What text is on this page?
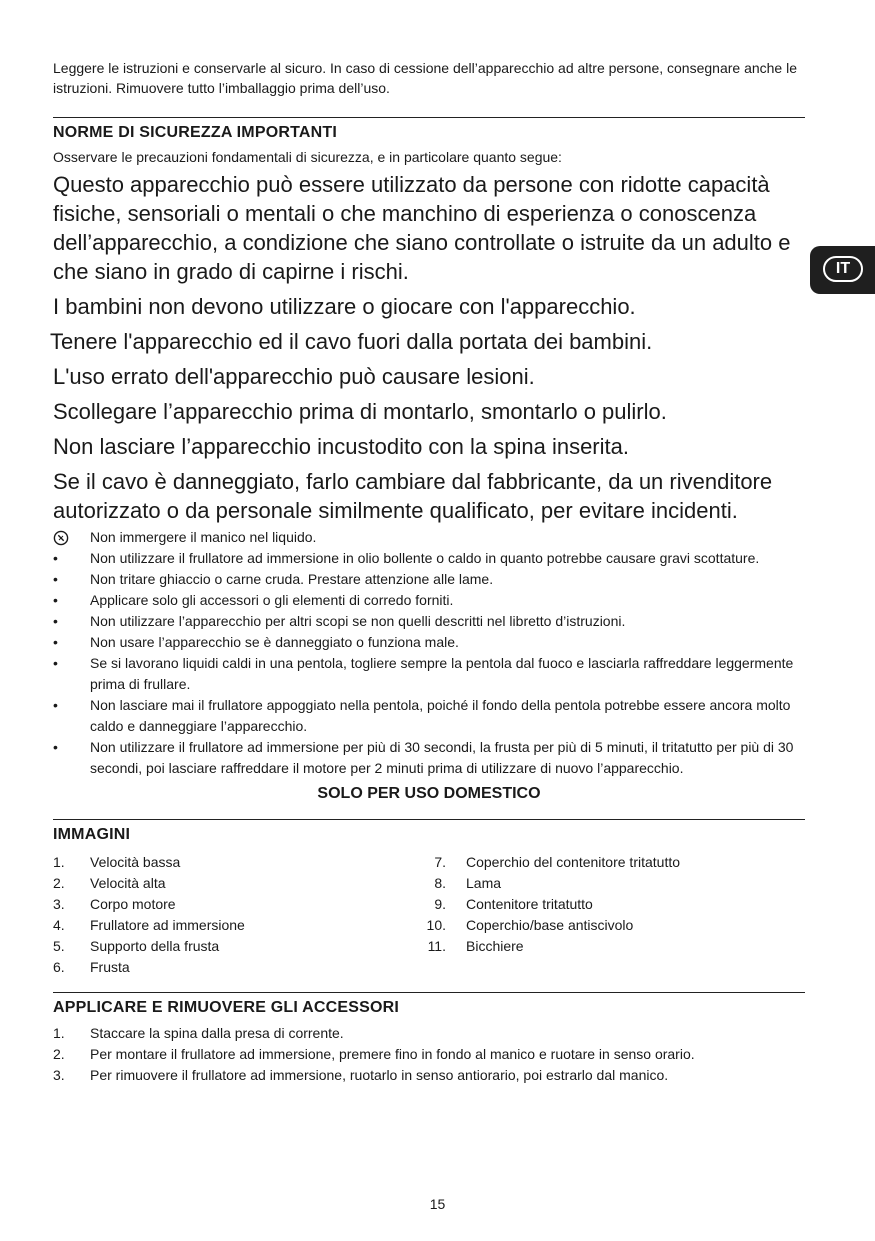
Leggere le istruzioni e conservarle al sicuro. In caso di cessione dell’apparecchio ad altre persone, consegnare anche le istruzioni. Rimuovere tutto l’imballaggio prima dell’uso.

NORME DI SICUREZZA IMPORTANTI

Osservare le precauzioni fondamentali di sicurezza, e in particolare quanto segue:

Questo apparecchio può essere utilizzato da persone con ridotte capacità fisiche, sensoriali o mentali o che manchino di esperienza o conoscenza dell’apparecchio, a condizione che siano controllate o istruite da un adulto e che siano in grado di capirne i rischi.

I bambini non devono utilizzare o giocare con l'apparecchio.

Tenere l'apparecchio ed il cavo fuori dalla portata dei bambini.

L'uso errato dell'apparecchio può causare lesioni.

Scollegare l’apparecchio prima di montarlo, smontarlo o pulirlo.

Non lasciare l’apparecchio incustodito con la spina inserita.

Se il cavo è danneggiato, farlo cambiare dal fabbricante, da un rivenditore autorizzato o da personale similmente qualificato, per evitare incidenti.

Non immergere il manico nel liquido.
•	Non utilizzare il frullatore ad immersione in olio bollente o caldo in quanto potrebbe causare gravi scottature.
•	Non tritare ghiaccio o carne cruda. Prestare attenzione alle lame.
•	Applicare solo gli accessori o gli elementi di corredo forniti.
•	Non utilizzare l’apparecchio per altri scopi se non quelli descritti nel libretto d’istruzioni.
•	Non usare l’apparecchio se è danneggiato o funziona male.
•	Se si lavorano liquidi caldi in una pentola, togliere sempre la pentola dal fuoco e lasciarla raffreddare leggermente prima di frullare.
•	Non lasciare mai il frullatore appoggiato nella pentola, poiché il fondo della pentola potrebbe essere ancora molto caldo e danneggiare l’apparecchio.
•	Non utilizzare il frullatore ad immersione per più di 30 secondi, la frusta per più di 5 minuti, il tritatutto per più di 30 secondi, poi lasciare raffreddare il motore per 2 minuti prima di utilizzare di nuovo l’apparecchio.
SOLO PER USO DOMESTICO
IMMAGINI
1. Velocità bassa
2. Velocità alta
3. Corpo motore
4. Frullatore ad immersione
5. Supporto della frusta
6. Frusta
7. Coperchio del contenitore tritatutto
8. Lama
9. Contenitore tritatutto
10. Coperchio/base antiscivolo
11. Bicchiere
APPLICARE E RIMUOVERE GLI ACCESSORI
1. Staccare la spina dalla presa di corrente.
2. Per montare il frullatore ad immersione, premere fino in fondo al manico e ruotare in senso orario.
3. Per rimuovere il frullatore ad immersione, ruotarlo in senso antiorario, poi estrarlo dal manico.
IT
15
